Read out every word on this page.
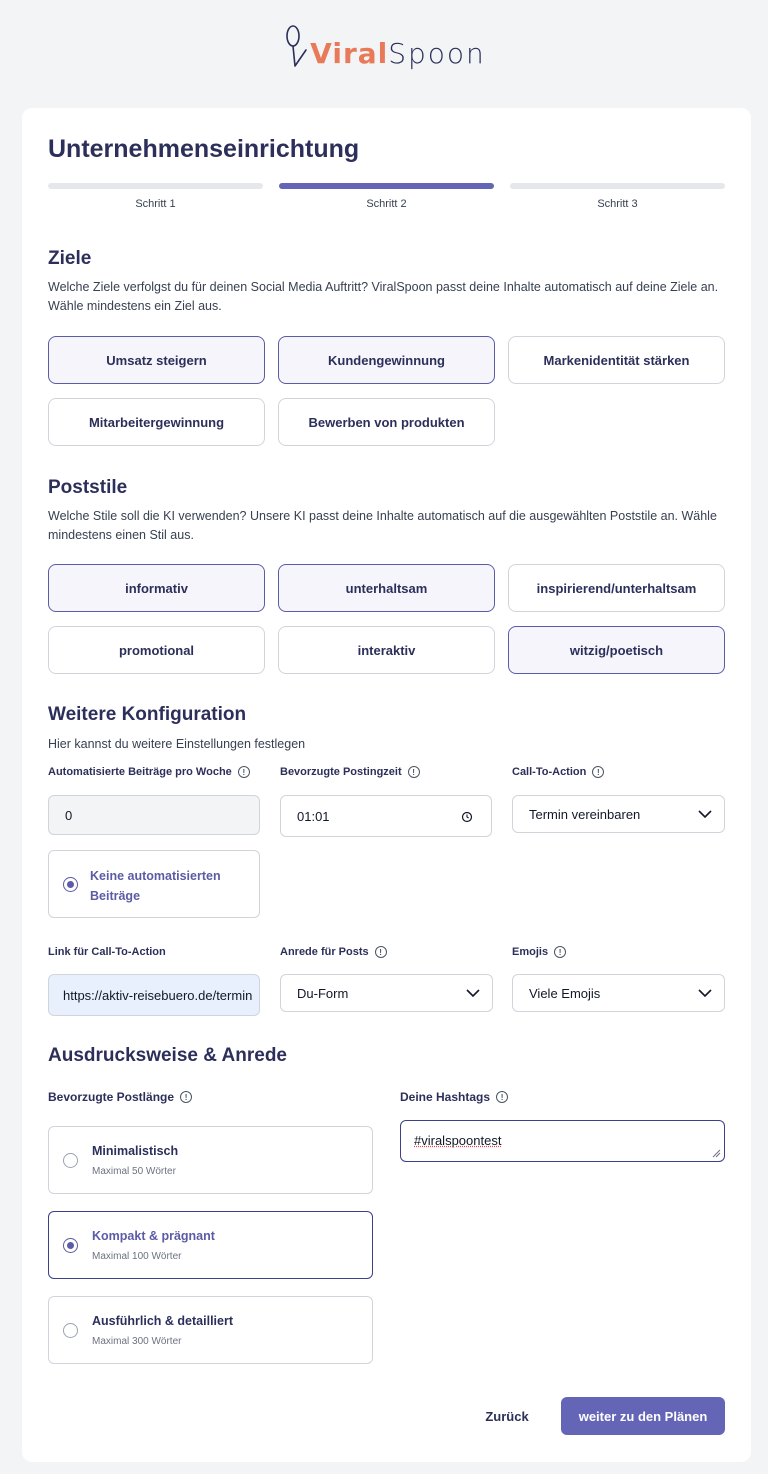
Viral Spoon
Unternehmenseinrichtung
Schritt 1	Schritt 2	Schritt 3
Ziele
Welche Ziele verfolgst du für deinen Social Media Auftritt? ViralSpoon passt deine Inhalte automatisch auf deine Ziele an. Wähle mindestens ein Ziel aus.
Umsatz steigern	Kundengewinnung	Markenidentität stärken
Mitarbeitergewinnung	Bewerben von produkten
Poststile
Welche Stile soll die KI verwenden? Unsere KI passt deine Inhalte automatisch auf die ausgewählten Poststile an. Wähle mindestens einen Stil aus.
informativ	unterhaltsam	inspirierend/unterhaltsam
promotional	interaktiv	witzig/poetisch
Weitere Konfiguration
Hier kannst du weitere Einstellungen festlegen
Automatisierte Beiträge pro Woche	!	Bevorzugte Postingzeit	!	Call-To-Action	!
0	01:01	Termin vereinbaren
Keine automatisierten Beiträge
Link für Call-To-Action	Anrede für Posts	!	Emojis	!
https://aktiv-reisebuero.de/termin	Du-Form	Viele Emojis
Ausdrucksweise & Anrede
Bevorzugte Postlänge	!	Deine Hashtags	!
Minimalistisch
Maximal 50 Wörter
Kompakt & prägnant
Maximal 100 Wörter
Ausführlich & detailliert
Maximal 300 Wörter
#viralspoontest
Zurück	weiter zu den Plänen
